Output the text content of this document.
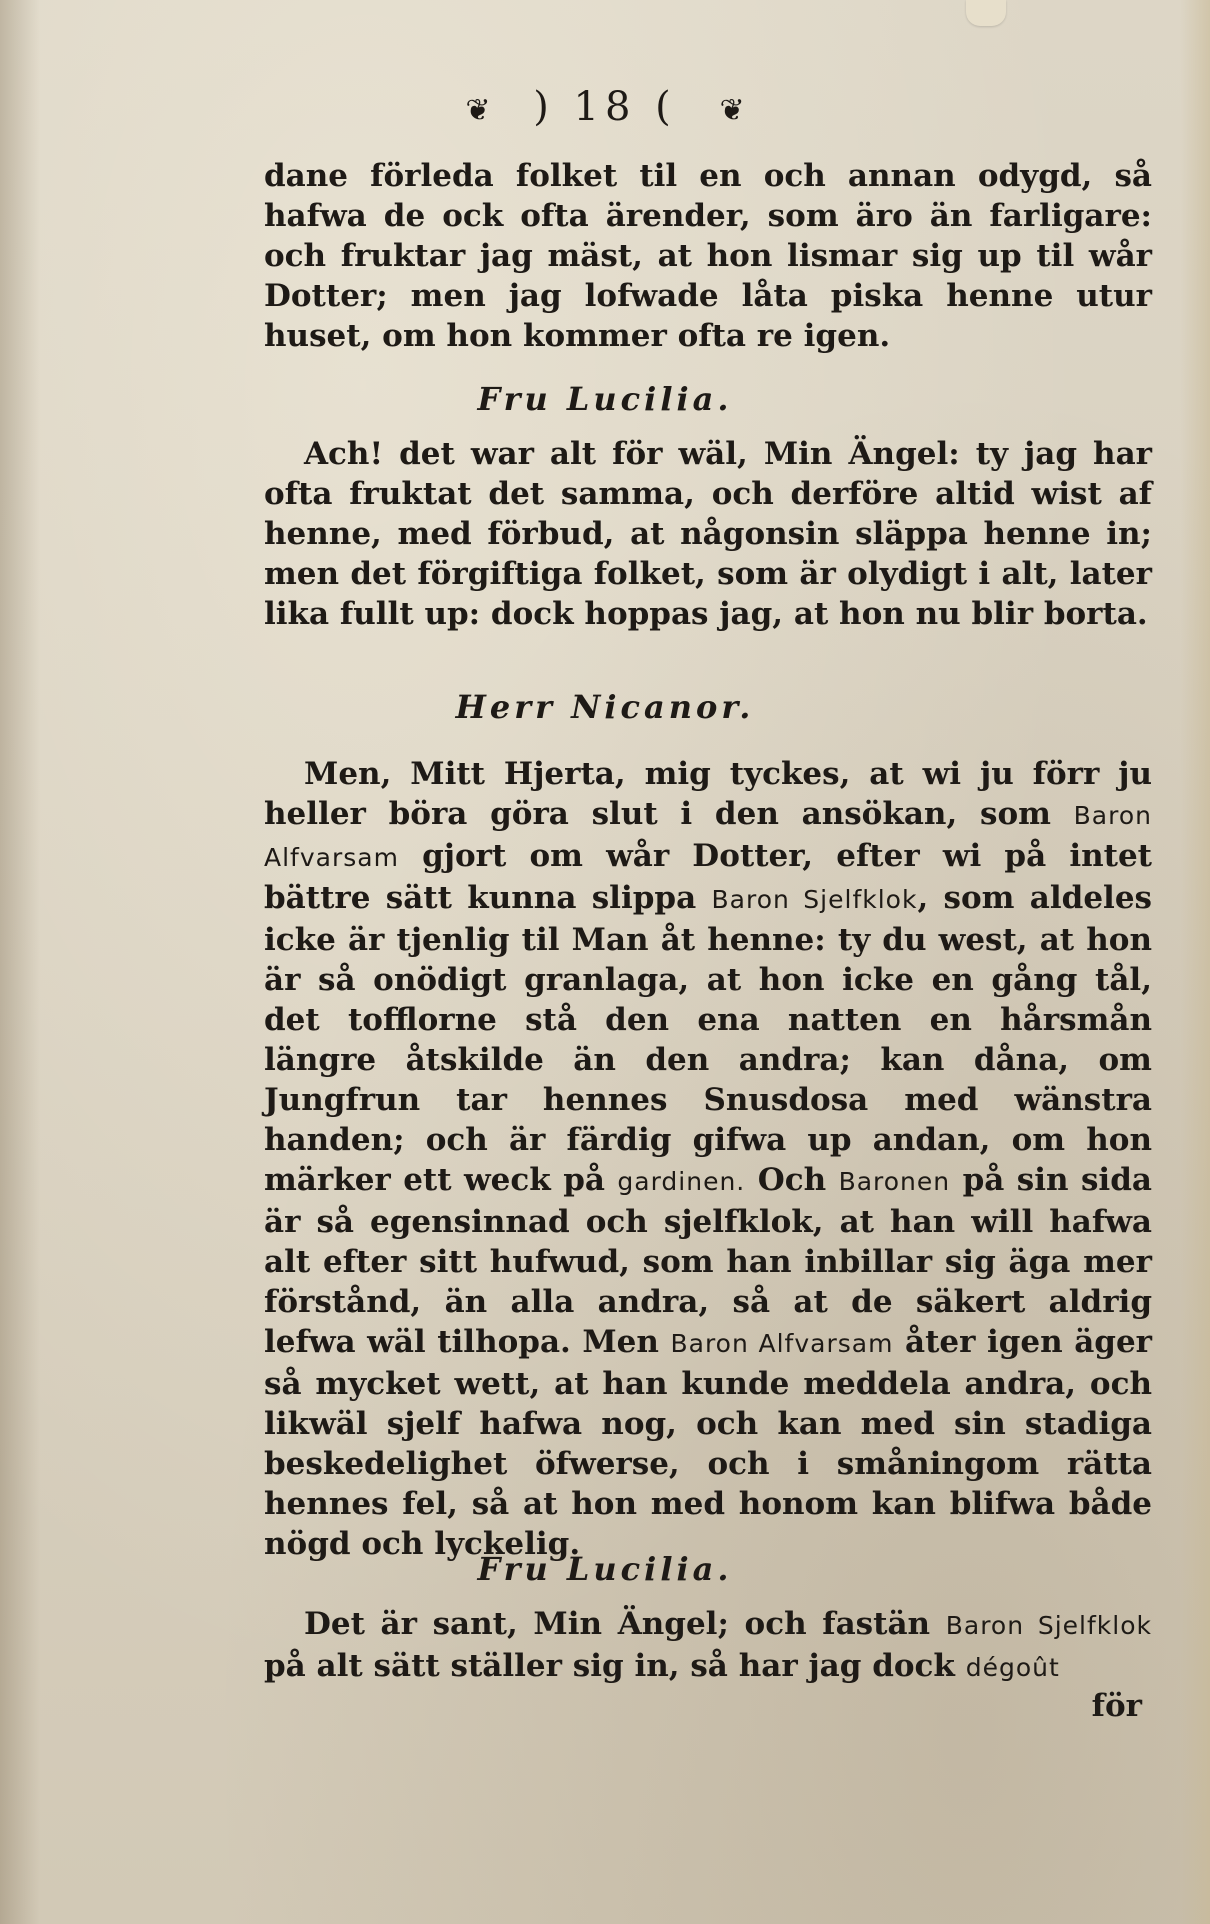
❦ ) 18 ( ❦
dane förleda folket til en och annan odygd, så hafwa de ock ofta ärender, som äro än farligare: och fruktar jag mäst, at hon lismar sig up til wår Dotter; men jag lofwade låta piska henne utur huset, om hon kommer ofta re igen.
Fru Lucilia.
Ach! det war alt för wäl, Min Ängel: ty jag har ofta fruktat det samma, och derföre altid wist af henne, med förbud, at någonsin släppa henne in; men det förgiftiga folket, som är olydigt i alt, later lika fullt up: dock hoppas jag, at hon nu blir borta.
Herr Nicanor.
Men, Mitt Hjerta, mig tyckes, at wi ju förr ju heller böra göra slut i den ansökan, som Baron Alfvarsam gjort om wår Dotter, efter wi på intet bättre sätt kunna slippa Baron Sjelfklok, som aldeles icke är tjenlig til Man åt henne: ty du west, at hon är så onödigt granlaga, at hon icke en gång tål, det tofflorne stå den ena natten en hårsmån längre åtskilde än den andra; kan dåna, om Jungfrun tar hennes Snusdosa med wänstra handen; och är färdig gifwa up andan, om hon märker ett weck på gardinen. Och Baronen på sin sida är så egensinnad och sjelfklok, at han will hafwa alt efter sitt hufwud, som han inbillar sig äga mer förstånd, än alla andra, så at de säkert aldrig lefwa wäl tilhopa. Men Baron Alfvarsam åter igen äger så mycket wett, at han kunde meddela andra, och likwäl sjelf hafwa nog, och kan med sin stadiga beskedelighet öfwerse, och i småningom rätta hennes fel, så at hon med honom kan blifwa både nögd och lyckelig.
Fru Lucilia.
Det är sant, Min Ängel; och fastän Baron Sjelfklok på alt sätt ställer sig in, så har jag dock dégoût
för
